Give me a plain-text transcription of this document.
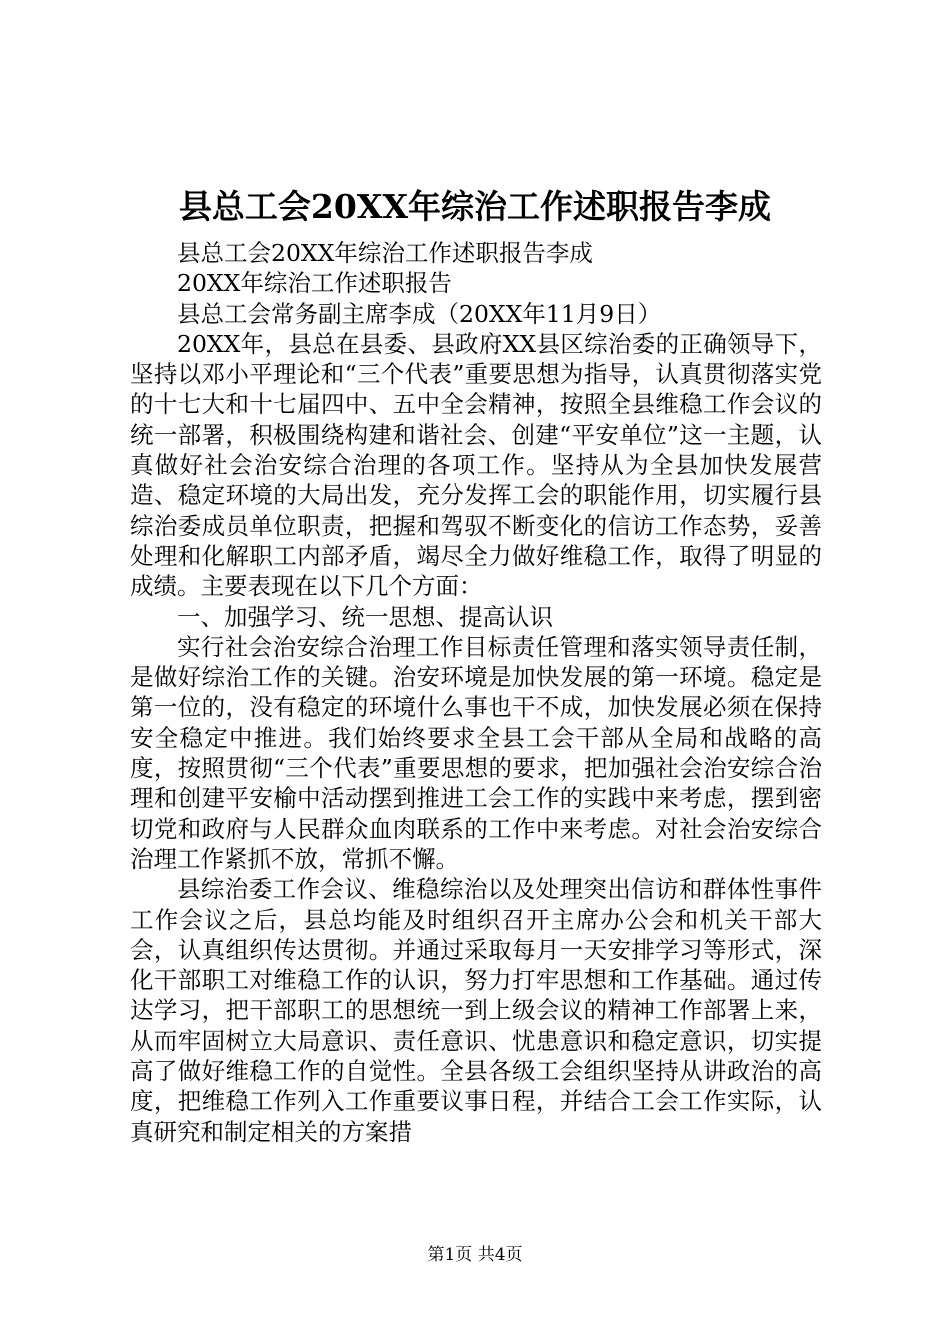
县总工会20XX年综治工作述职报告李成

县总工会20XX年综治工作述职报告李成

20XX年综治工作述职报告

县总工会常务副主席李成（20XX年11月9日）

20XX年，县总在县委、县政府XX县区综治委的正确领导下，坚持以邓小平理论和“三个代表”重要思想为指导，认真贯彻落实党的十七大和十七届四中、五中全会精神，按照全县维稳工作会议的统一部署，积极围绕构建和谐社会、创建“平安单位”这一主题，认真做好社会治安综合治理的各项工作。坚持从为全县加快发展营造、稳定环境的大局出发，充分发挥工会的职能作用，切实履行县综治委成员单位职责，把握和驾驭不断变化的信访工作态势，妥善处理和化解职工内部矛盾，竭尽全力做好维稳工作，取得了明显的成绩。主要表现在以下几个方面：

一、加强学习、统一思想、提高认识

实行社会治安综合治理工作目标责任管理和落实领导责任制，是做好综治工作的关键。治安环境是加快发展的第一环境。稳定是第一位的，没有稳定的环境什么事也干不成，加快发展必须在保持安全稳定中推进。我们始终要求全县工会干部从全局和战略的高度，按照贯彻“三个代表”重要思想的要求，把加强社会治安综合治理和创建平安榆中活动摆到推进工会工作的实践中来考虑，摆到密切党和政府与人民群众血肉联系的工作中来考虑。对社会治安综合治理工作紧抓不放，常抓不懈。

县综治委工作会议、维稳综治以及处理突出信访和群体性事件工作会议之后，县总均能及时组织召开主席办公会和机关干部大会，认真组织传达贯彻。并通过采取每月一天安排学习等形式，深化干部职工对维稳工作的认识，努力打牢思想和工作基础。通过传达学习，把干部职工的思想统一到上级会议的精神工作部署上来，从而牢固树立大局意识、责任意识、忧患意识和稳定意识，切实提高了做好维稳工作的自觉性。全县各级工会组织坚持从讲政治的高度，把维稳工作列入工作重要议事日程，并结合工会工作实际，认真研究和制定相关的方案措

第1页 共4页
